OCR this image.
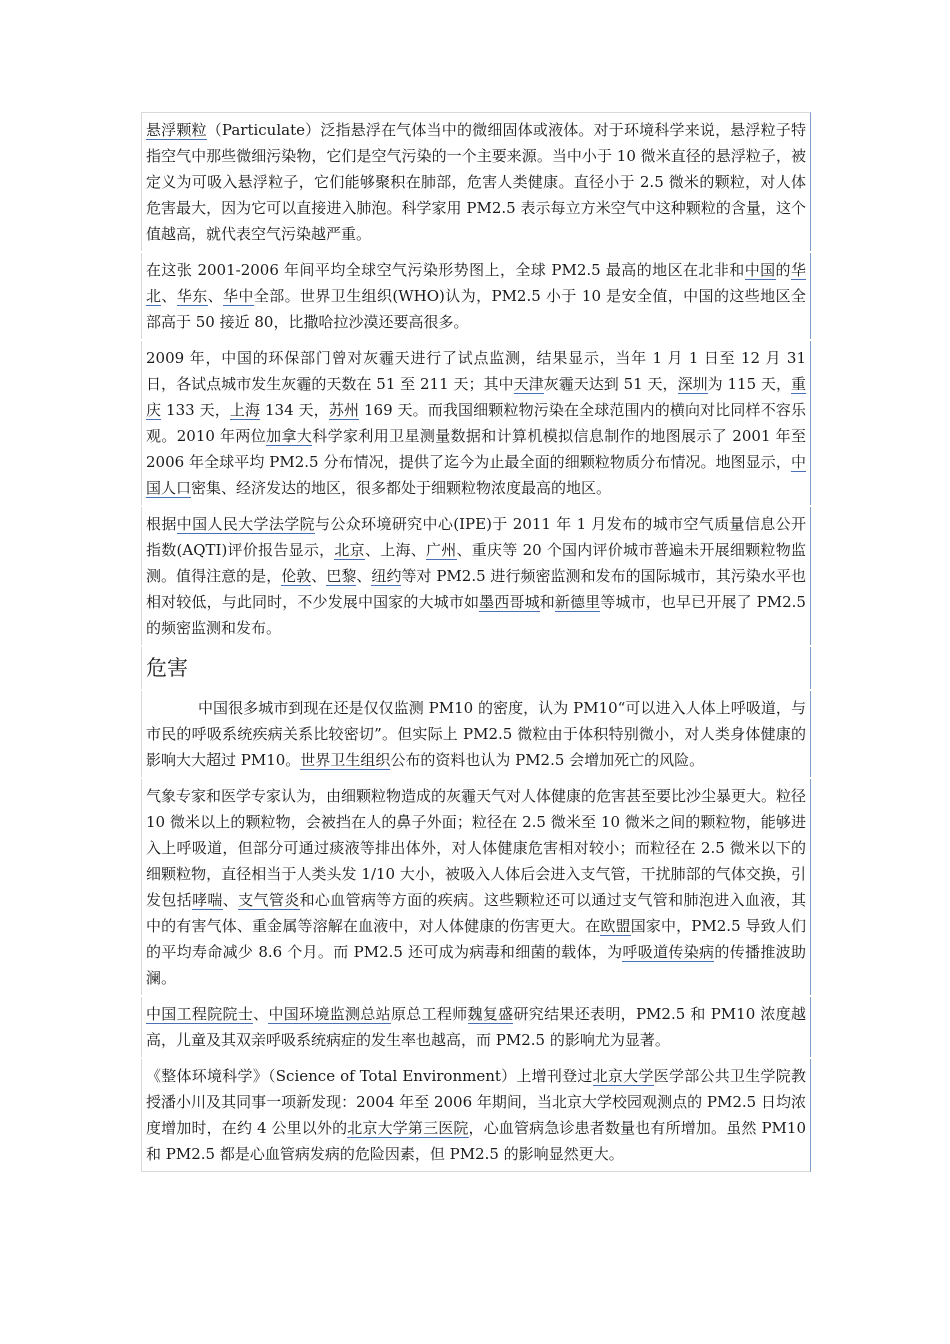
悬浮颗粒（Particulate）泛指悬浮在气体当中的微细固体或液体。对于环境科学来说，悬浮粒子特指空气中那些微细污染物，它们是空气污染的一个主要来源。当中小于 10 微米直径的悬浮粒子，被定义为可吸入悬浮粒子，它们能够聚积在肺部，危害人类健康。直径小于 2.5 微米的颗粒，对人体危害最大，因为它可以直接进入肺泡。科学家用 PM2.5 表示每立方米空气中这种颗粒的含量，这个值越高，就代表空气污染越严重。

在这张 2001-2006 年间平均全球空气污染形势图上，全球 PM2.5 最高的地区在北非和中国的华北、华东、华中全部。世界卫生组织(WHO)认为，PM2.5 小于 10 是安全值，中国的这些地区全部高于 50 接近 80，比撒哈拉沙漠还要高很多。

2009 年，中国的环保部门曾对灰霾天进行了试点监测，结果显示，当年 1 月 1 日至 12 月 31 日，各试点城市发生灰霾的天数在 51 至 211 天；其中天津灰霾天达到 51 天，深圳为 115 天，重庆 133 天，上海 134 天，苏州 169 天。而我国细颗粒物污染在全球范围内的横向对比同样不容乐观。2010 年两位加拿大科学家利用卫星测量数据和计算机模拟信息制作的地图展示了 2001 年至 2006 年全球平均 PM2.5 分布情况，提供了迄今为止最全面的细颗粒物质分布情况。地图显示，中国人口密集、经济发达的地区，很多都处于细颗粒物浓度最高的地区。

根据中国人民大学法学院与公众环境研究中心(IPE)于 2011 年 1 月发布的城市空气质量信息公开指数(AQTI)评价报告显示，北京、上海、广州、重庆等 20 个国内评价城市普遍未开展细颗粒物监测。值得注意的是，伦敦、巴黎、纽约等对 PM2.5 进行频密监测和发布的国际城市，其污染水平也相对较低，与此同时，不少发展中国家的大城市如墨西哥城和新德里等城市，也早已开展了 PM2.5 的频密监测和发布。

危害

中国很多城市到现在还是仅仅监测 PM10 的密度，认为 PM10“可以进入人体上呼吸道，与市民的呼吸系统疾病关系比较密切”。但实际上 PM2.5 微粒由于体积特别微小，对人类身体健康的影响大大超过 PM10。世界卫生组织公布的资料也认为 PM2.5 会增加死亡的风险。

气象专家和医学专家认为，由细颗粒物造成的灰霾天气对人体健康的危害甚至要比沙尘暴更大。粒径 10 微米以上的颗粒物，会被挡在人的鼻子外面；粒径在 2.5 微米至 10 微米之间的颗粒物，能够进入上呼吸道，但部分可通过痰液等排出体外，对人体健康危害相对较小；而粒径在 2.5 微米以下的细颗粒物，直径相当于人类头发 1/10 大小，被吸入人体后会进入支气管，干扰肺部的气体交换，引发包括哮喘、支气管炎和心血管病等方面的疾病。这些颗粒还可以通过支气管和肺泡进入血液，其中的有害气体、重金属等溶解在血液中，对人体健康的伤害更大。在欧盟国家中，PM2.5 导致人们的平均寿命减少 8.6 个月。而 PM2.5 还可成为病毒和细菌的载体，为呼吸道传染病的传播推波助澜。

中国工程院院士、中国环境监测总站原总工程师魏复盛研究结果还表明，PM2.5 和 PM10 浓度越高，儿童及其双亲呼吸系统病症的发生率也越高，而 PM2.5 的影响尤为显著。

《整体环境科学》（Science of Total Environment）上增刊登过北京大学医学部公共卫生学院教授潘小川及其同事一项新发现：2004 年至 2006 年期间，当北京大学校园观测点的 PM2.5 日均浓度增加时，在约 4 公里以外的北京大学第三医院，心血管病急诊患者数量也有所增加。虽然 PM10 和 PM2.5 都是心血管病发病的危险因素，但 PM2.5 的影响显然更大。
